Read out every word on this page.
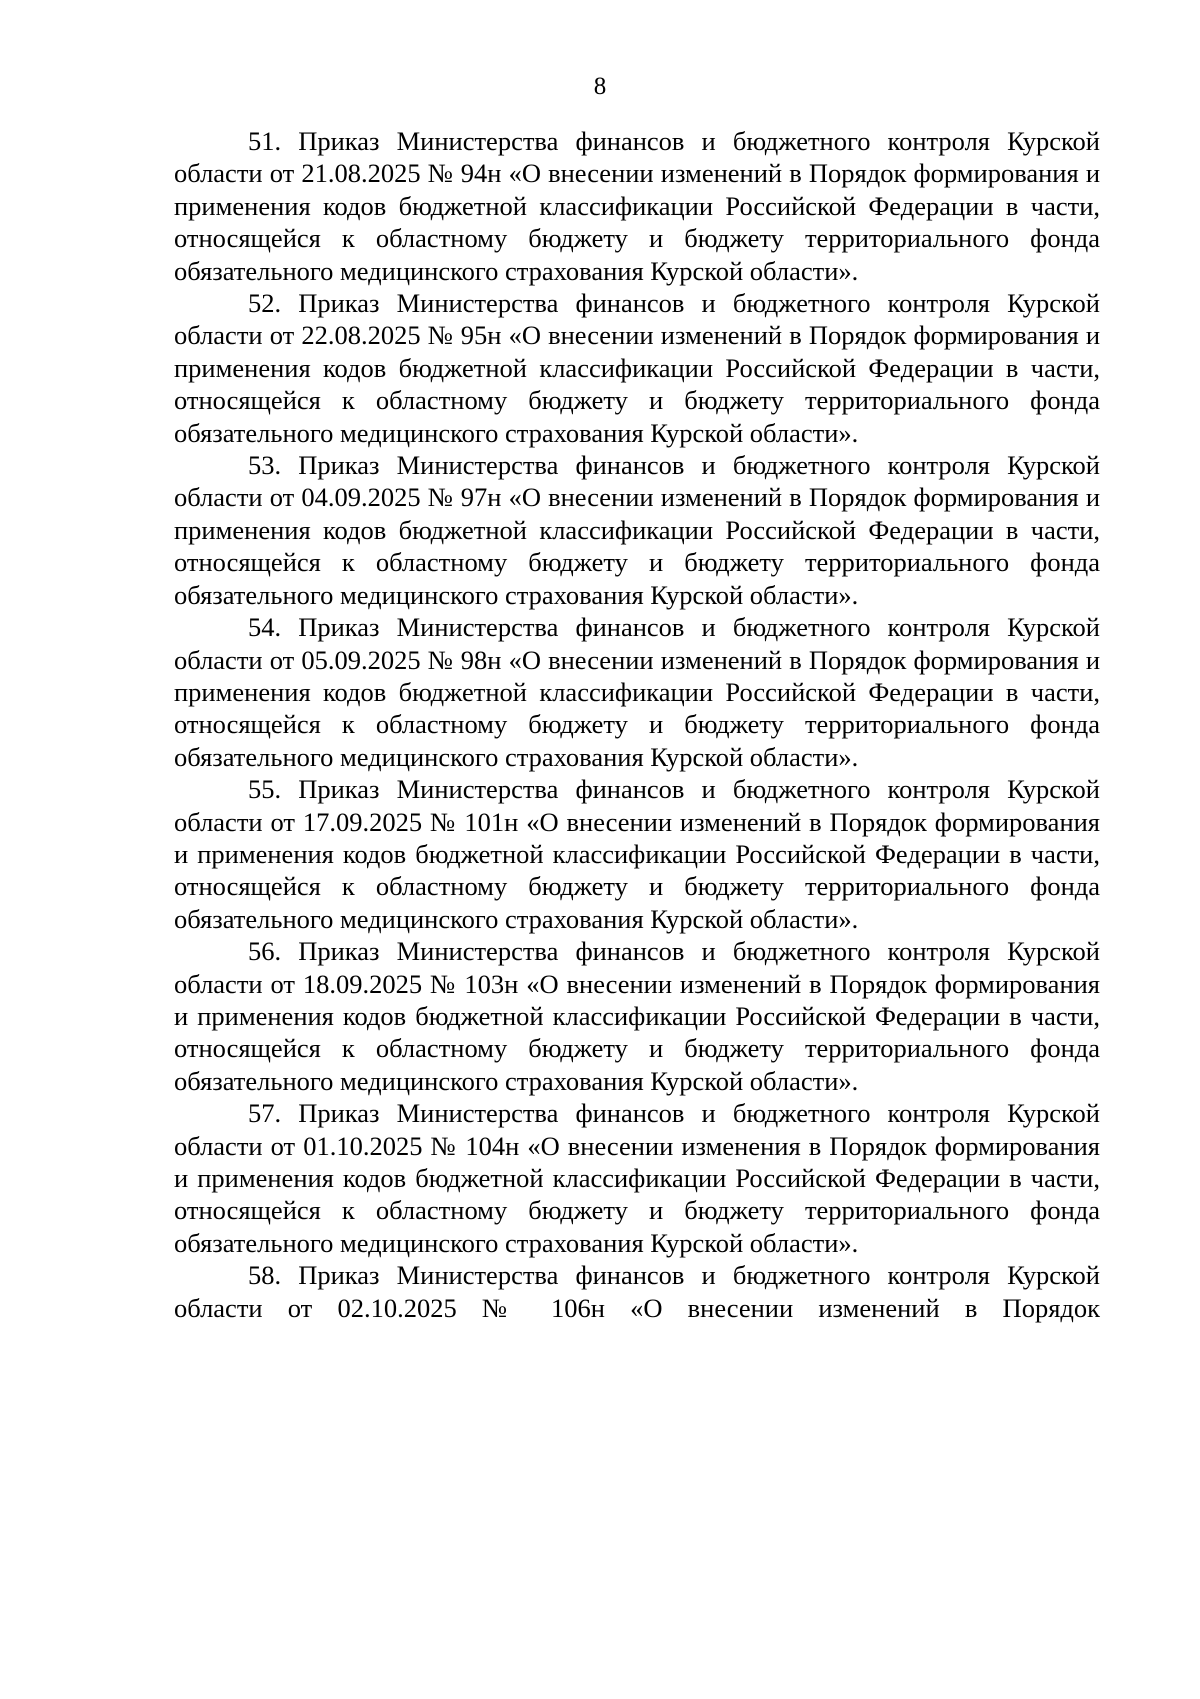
8

51. Приказ Министерства финансов и бюджетного контроля Курской области от 21.08.2025 № 94н «О внесении изменений в Порядок формирования и применения кодов бюджетной классификации Российской Федерации в части, относящейся к областному бюджету и бюджету территориального фонда обязательного медицинского страхования Курской области».

52. Приказ Министерства финансов и бюджетного контроля Курской области от 22.08.2025 № 95н «О внесении изменений в Порядок формирования и применения кодов бюджетной классификации Российской Федерации в части, относящейся к областному бюджету и бюджету территориального фонда обязательного медицинского страхования Курской области».

53. Приказ Министерства финансов и бюджетного контроля Курской области от 04.09.2025 № 97н «О внесении изменений в Порядок формирования и применения кодов бюджетной классификации Российской Федерации в части, относящейся к областному бюджету и бюджету территориального фонда обязательного медицинского страхования Курской области».

54. Приказ Министерства финансов и бюджетного контроля Курской области от 05.09.2025 № 98н «О внесении изменений в Порядок формирования и применения кодов бюджетной классификации Российской Федерации в части, относящейся к областному бюджету и бюджету территориального фонда обязательного медицинского страхования Курской области».

55. Приказ Министерства финансов и бюджетного контроля Курской области от 17.09.2025 № 101н «О внесении изменений в Порядок формирования и применения кодов бюджетной классификации Российской Федерации в части, относящейся к областному бюджету и бюджету территориального фонда обязательного медицинского страхования Курской области».

56. Приказ Министерства финансов и бюджетного контроля Курской области от 18.09.2025 № 103н «О внесении изменений в Порядок формирования и применения кодов бюджетной классификации Российской Федерации в части, относящейся к областному бюджету и бюджету территориального фонда обязательного медицинского страхования Курской области».

57. Приказ Министерства финансов и бюджетного контроля Курской области от 01.10.2025 № 104н «О внесении изменения в Порядок формирования и применения кодов бюджетной классификации Российской Федерации в части, относящейся к областному бюджету и бюджету территориального фонда обязательного медицинского страхования Курской области».

58. Приказ Министерства финансов и бюджетного контроля Курской области от 02.10.2025 № 106н «О внесении изменений в Порядок
